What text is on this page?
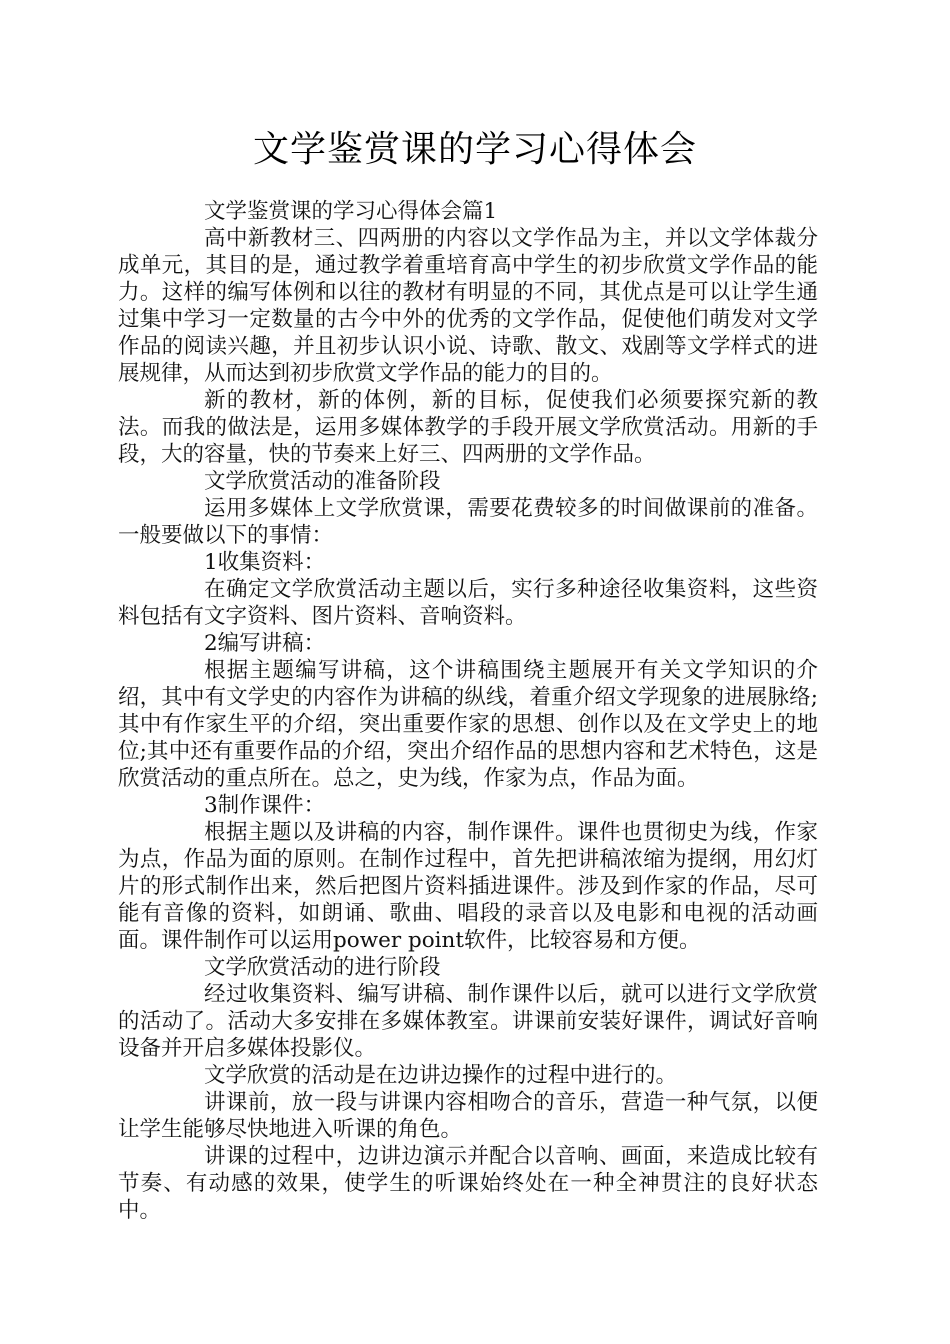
文学鉴赏课的学习心得体会

文学鉴赏课的学习心得体会篇1

高中新教材三、四两册的内容以文学作品为主，并以文学体裁分成单元，其目的是，通过教学着重培育高中学生的初步欣赏文学作品的能力。这样的编写体例和以往的教材有明显的不同，其优点是可以让学生通过集中学习一定数量的古今中外的优秀的文学作品，促使他们萌发对文学作品的阅读兴趣，并且初步认识小说、诗歌、散文、戏剧等文学样式的进展规律，从而达到初步欣赏文学作品的能力的目的。

新的教材，新的体例，新的目标，促使我们必须要探究新的教法。而我的做法是，运用多媒体教学的手段开展文学欣赏活动。用新的手段，大的容量，快的节奏来上好三、四两册的文学作品。

文学欣赏活动的准备阶段

运用多媒体上文学欣赏课，需要花费较多的时间做课前的准备。一般要做以下的事情：

1收集资料：

在确定文学欣赏活动主题以后，实行多种途径收集资料，这些资料包括有文字资料、图片资料、音响资料。

2编写讲稿：

根据主题编写讲稿，这个讲稿围绕主题展开有关文学知识的介绍，其中有文学史的内容作为讲稿的纵线，着重介绍文学现象的进展脉络;其中有作家生平的介绍，突出重要作家的思想、创作以及在文学史上的地位;其中还有重要作品的介绍，突出介绍作品的思想内容和艺术特色，这是欣赏活动的重点所在。总之，史为线，作家为点，作品为面。

3制作课件：

根据主题以及讲稿的内容，制作课件。课件也贯彻史为线，作家为点，作品为面的原则。在制作过程中，首先把讲稿浓缩为提纲，用幻灯片的形式制作出来，然后把图片资料插进课件。涉及到作家的作品，尽可能有音像的资料，如朗诵、歌曲、唱段的录音以及电影和电视的活动画面。课件制作可以运用power point软件，比较容易和方便。

文学欣赏活动的进行阶段

经过收集资料、编写讲稿、制作课件以后，就可以进行文学欣赏的活动了。活动大多安排在多媒体教室。讲课前安装好课件，调试好音响设备并开启多媒体投影仪。

文学欣赏的活动是在边讲边操作的过程中进行的。

讲课前，放一段与讲课内容相吻合的音乐，营造一种气氛，以便让学生能够尽快地进入听课的角色。

讲课的过程中，边讲边演示并配合以音响、画面，来造成比较有节奏、有动感的效果，使学生的听课始终处在一种全神贯注的良好状态中。
